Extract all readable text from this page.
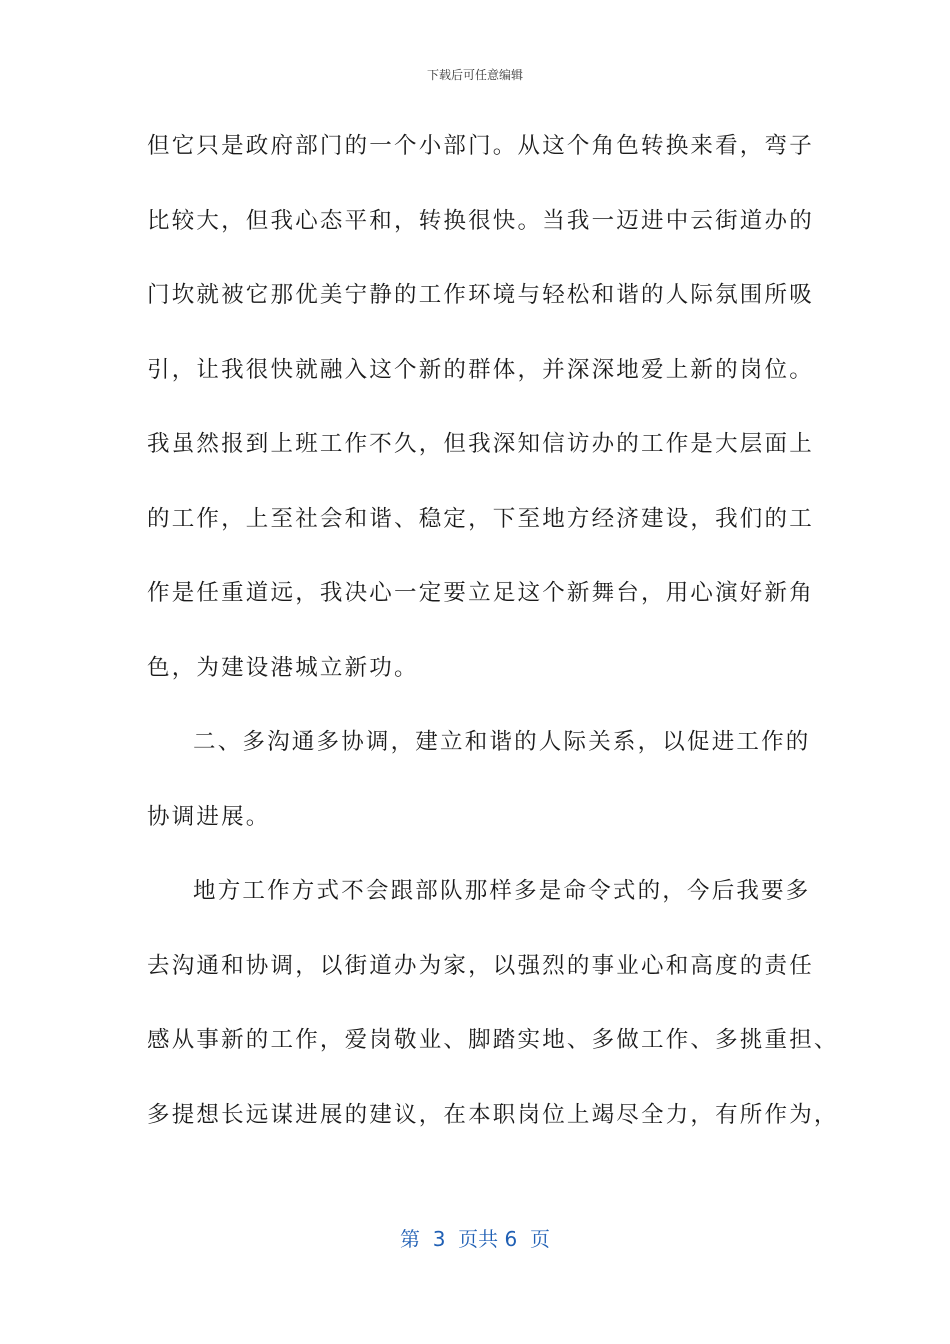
下载后可任意编辑
但它只是政府部门的一个小部门。从这个角色转换来看，弯子
比较大，但我心态平和，转换很快。当我一迈进中云街道办的
门坎就被它那优美宁静的工作环境与轻松和谐的人际氛围所吸
引，让我很快就融入这个新的群体，并深深地爱上新的岗位。
我虽然报到上班工作不久，但我深知信访办的工作是大层面上
的工作，上至社会和谐、稳定，下至地方经济建设，我们的工
作是任重道远，我决心一定要立足这个新舞台，用心演好新角
色，为建设港城立新功。
二、多沟通多协调，建立和谐的人际关系，以促进工作的
协调进展。
地方工作方式不会跟部队那样多是命令式的，今后我要多
去沟通和协调，以街道办为家，以强烈的事业心和高度的责任
感从事新的工作，爱岗敬业、脚踏实地、多做工作、多挑重担、
多提想长远谋进展的建议，在本职岗位上竭尽全力，有所作为，
第  3  页共 6  页
